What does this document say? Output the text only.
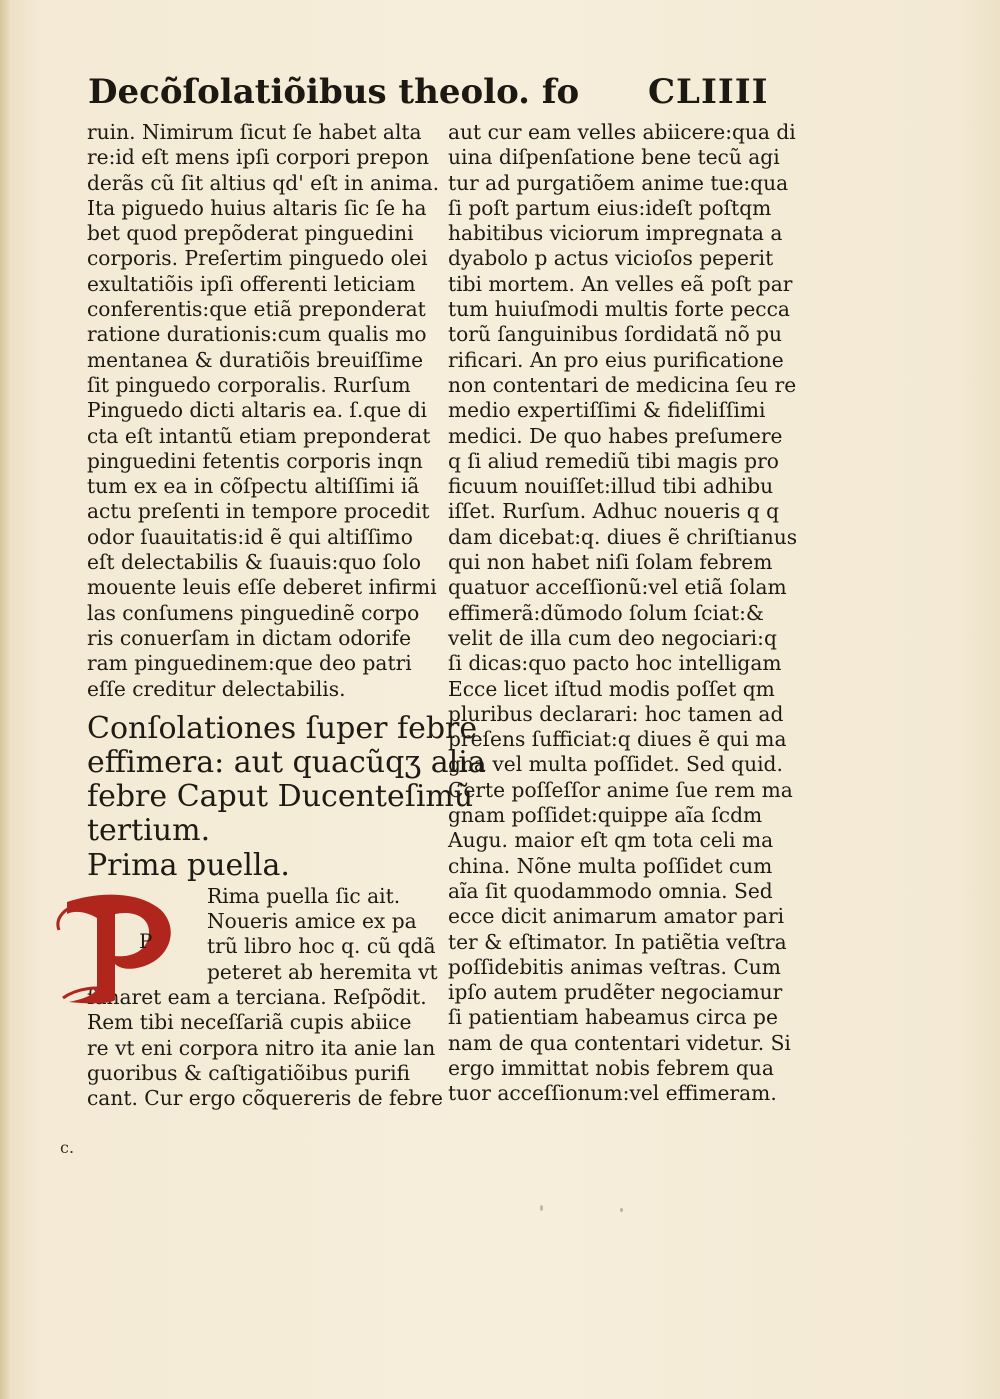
Decõſolatiõibus theolo. fo CLIIII
ruin. Nimirum ſicut ſe habet alta
re:id eſt mens ipſi corpori prepon
derãs cũ ſit altius qd' eſt in anima.
Ita piguedo huius altaris ſic ſe ha
bet quod prepõderat pinguedini
corporis. Preſertim pinguedo olei
exultatiõis ipſi offerenti leticiam
conferentis:que etiã preponderat
ratione durationis:cum qualis mo
mentanea & duratiõis breuiſſime
ſit pinguedo corporalis. Rurſum
Pinguedo dicti altaris ea. ſ.que di
cta eſt intantũ etiam preponderat
pinguedini fetentis corporis inqn
tum ex ea in cõſpectu altiſſimi iã
actu preſenti in tempore procedit
odor ſuauitatis:id ẽ qui altiſſimo
eſt delectabilis & ſuauis:quo ſolo
mouente leuis eſſe deberet infirmi
las conſumens pinguedinẽ corpo
ris conuerſam in dictam odorife
ram pinguedinem:que deo patri
eſſe creditur delectabilis.
Conſolationes ſuper febre
effimera: aut quacũqʒ alia
febre Caput Ducenteſimũ
tertium.
Prima puella.
P
Rima puella ſic ait.
Noueris amice ex pa
trũ libro hoc q. cũ qdã
peteret ab heremita vt
ſanaret eam a terciana. Reſpõdit.
Rem tibi neceſſariã cupis abiice
re vt eni corpora nitro ita anie lan
guoribus & caſtigatiõibus purifi
cant. Cur ergo cõquereris de febre
aut cur eam velles abiicere:qua di
uina diſpenſatione bene tecũ agi
tur ad purgatiõem anime tue:qua
ſi poſt partum eius:ideſt poſtqm
habitibus viciorum impregnata a
dyabolo p actus vicioſos peperit
tibi mortem. An velles eã poſt par
tum huiuſmodi multis forte pecca
torũ ſanguinibus ſordidatã nõ pu
rificari. An pro eius purificatione
non contentari de medicina ſeu re
medio expertiſſimi & fideliſſimi
medici. De quo habes preſumere
q ſi aliud remediũ tibi magis pro
ficuum nouiſſet:illud tibi adhibu
iſſet. Rurſum. Adhuc noueris q q
dam dicebat:q. diues ẽ chriſtianus
qui non habet niſi ſolam febrem
quatuor acceſſionũ:vel etiã ſolam
effimerã:dũmodo ſolum ſciat:&
velit de illa cum deo negociari:q
ſi dicas:quo pacto hoc intelligam
Ecce licet iſtud modis poſſet qm
pluribus declarari: hoc tamen ad
preſens ſufficiat:q diues ẽ qui ma
gna vel multa poſſidet. Sed quid.
Certe poſſeſſor anime ſue rem ma
gnam poſſidet:quippe aĩa ſcdm
Augu. maior eſt qm tota celi ma
china. Nõne multa poſſidet cum
aĩa ſit quodammodo omnia. Sed
ecce dicit animarum amator pari
ter & eſtimator. In patiẽtia veſtra
poſſidebitis animas veſtras. Cum
ipſo autem prudẽter negociamur
ſi patientiam habeamus circa pe
nam de qua contentari videtur. Si
ergo immittat nobis febrem qua
tuor acceſſionum:vel effimeram.
c.
